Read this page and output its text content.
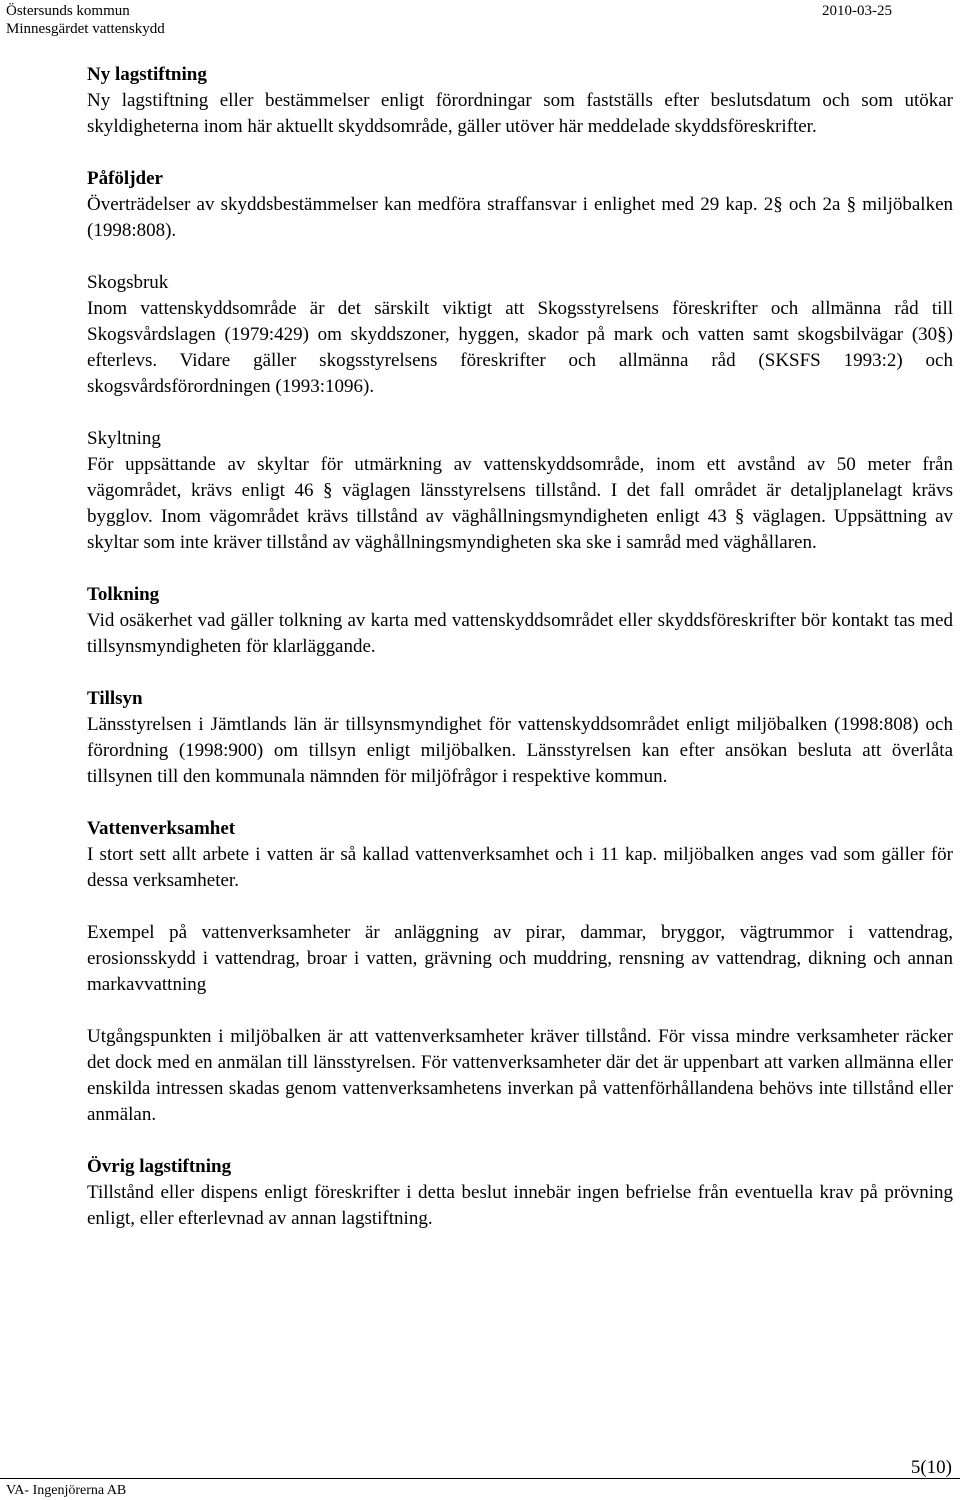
Östersunds kommun
Minnesgärdet vattenskydd
2010-03-25
Ny lagstiftning
Ny lagstiftning eller bestämmelser enligt förordningar som fastställs efter beslutsdatum och som utökar skyldigheterna inom här aktuellt skyddsområde, gäller utöver här meddelade skyddsföreskrifter.
Påföljder
Överträdelser av skyddsbestämmelser kan medföra straffansvar i enlighet med 29 kap. 2§ och 2a § miljöbalken (1998:808).
Skogsbruk
Inom vattenskyddsområde är det särskilt viktigt att Skogsstyrelsens föreskrifter och allmänna råd till Skogsvårdslagen (1979:429) om skyddszoner, hyggen, skador på mark och vatten samt skogsbilvägar (30§) efterlevs. Vidare gäller skogsstyrelsens föreskrifter och allmänna råd (SKSFS 1993:2) och skogsvårdsförordningen (1993:1096).
Skyltning
För uppsättande av skyltar för utmärkning av vattenskyddsområde, inom ett avstånd av 50 meter från vägområdet, krävs enligt 46 § väglagen länsstyrelsens tillstånd. I det fall området är detaljplanelagt krävs bygglov. Inom vägområdet krävs tillstånd av väghållningsmyndigheten enligt 43 § väglagen. Uppsättning av skyltar som inte kräver tillstånd av väghållningsmyndigheten ska ske i samråd med väghållaren.
Tolkning
Vid osäkerhet vad gäller tolkning av karta med vattenskyddsområdet eller skyddsföreskrifter bör kontakt tas med tillsynsmyndigheten för klarläggande.
Tillsyn
Länsstyrelsen i Jämtlands län är tillsynsmyndighet för vattenskyddsområdet enligt miljöbalken (1998:808) och förordning (1998:900) om tillsyn enligt miljöbalken. Länsstyrelsen kan efter ansökan besluta att överlåta tillsynen till den kommunala nämnden för miljöfrågor i respektive kommun.
Vattenverksamhet
I stort sett allt arbete i vatten är så kallad vattenverksamhet och i 11 kap. miljöbalken anges vad som gäller för dessa verksamheter.
Exempel på vattenverksamheter är anläggning av pirar, dammar, bryggor, vägtrummor i vattendrag, erosionsskydd i vattendrag, broar i vatten, grävning och muddring, rensning av vattendrag, dikning och annan markavvattning
Utgångspunkten i miljöbalken är att vattenverksamheter kräver tillstånd. För vissa mindre verksamheter räcker det dock med en anmälan till länsstyrelsen. För vattenverksamheter där det är uppenbart att varken allmänna eller enskilda intressen skadas genom vattenverksamhetens inverkan på vattenförhållandena behövs inte tillstånd eller anmälan.
Övrig lagstiftning
Tillstånd eller dispens enligt föreskrifter i detta beslut innebär ingen befrielse från eventuella krav på prövning enligt, eller efterlevnad av annan lagstiftning.
5(10)
VA- Ingenjörerna AB
